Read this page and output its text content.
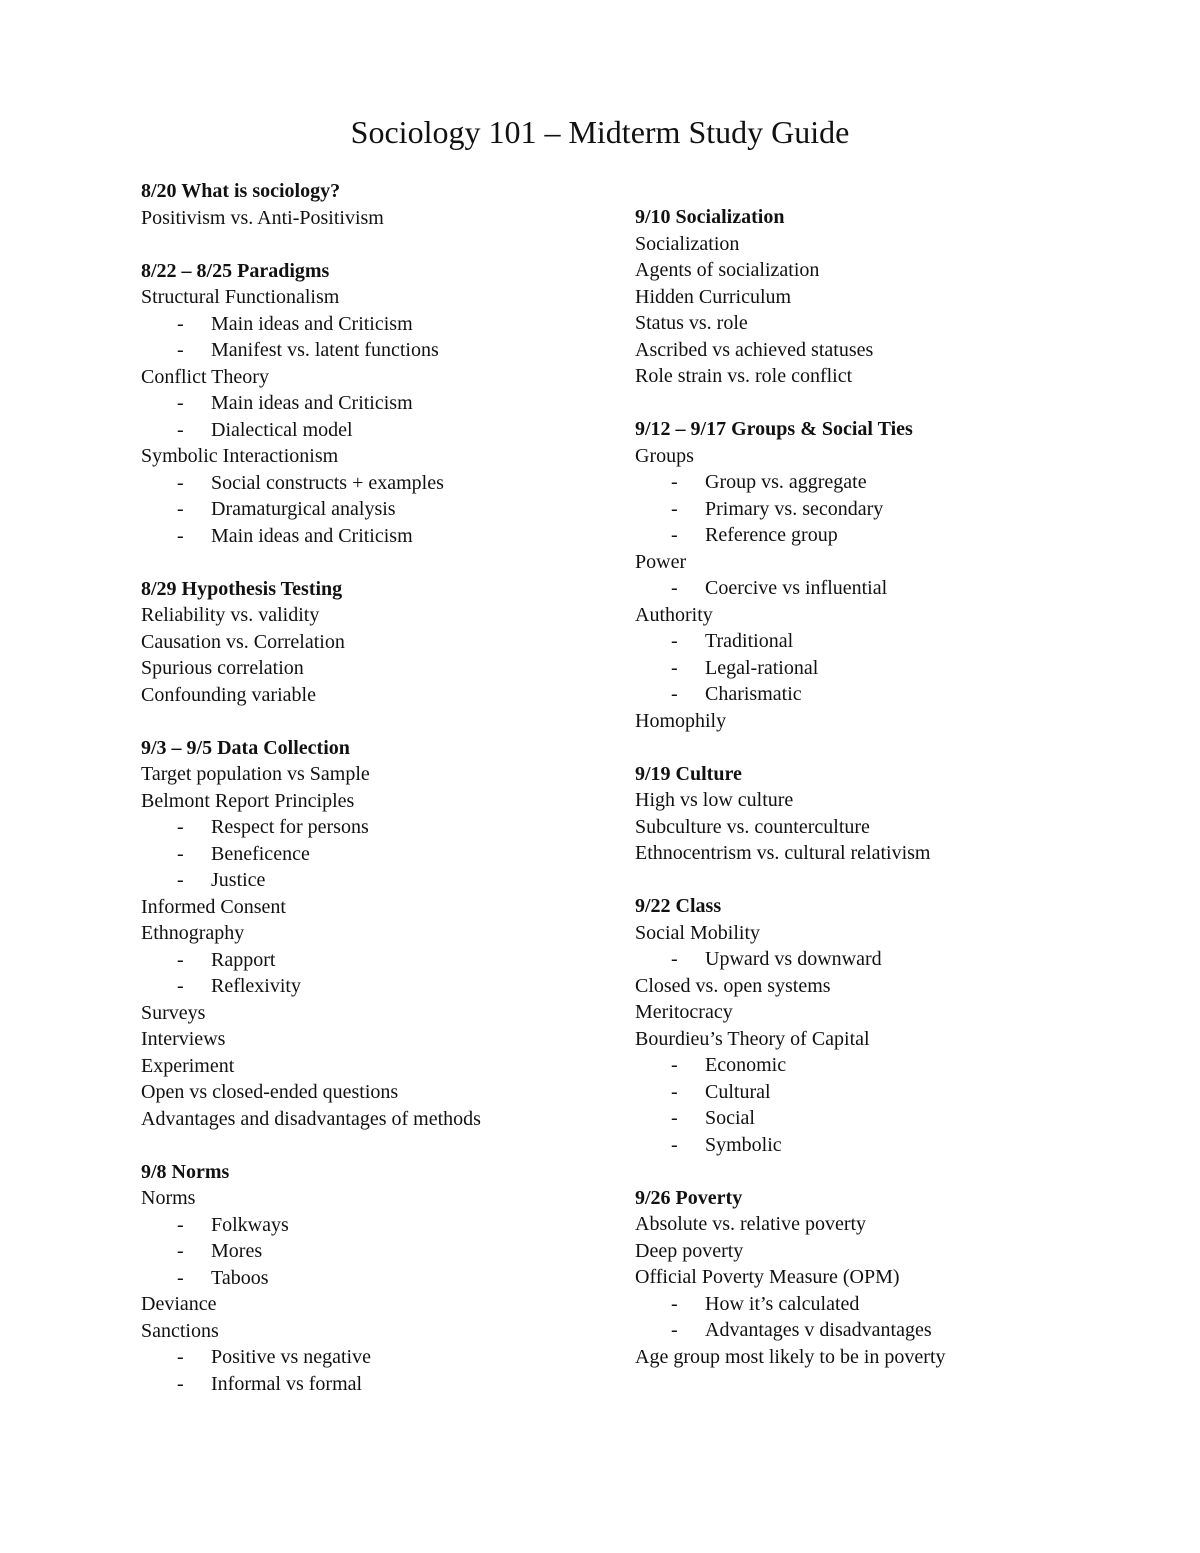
Sociology 101 – Midterm Study Guide
8/20 What is sociology?
Positivism vs. Anti-Positivism
8/22 – 8/25 Paradigms
Structural Functionalism
- Main ideas and Criticism
- Manifest vs. latent functions
Conflict Theory
- Main ideas and Criticism
- Dialectical model
Symbolic Interactionism
- Social constructs + examples
- Dramaturgical analysis
- Main ideas and Criticism
8/29 Hypothesis Testing
Reliability vs. validity
Causation vs. Correlation
Spurious correlation
Confounding variable
9/3 – 9/5 Data Collection
Target population vs Sample
Belmont Report Principles
- Respect for persons
- Beneficence
- Justice
Informed Consent
Ethnography
- Rapport
- Reflexivity
Surveys
Interviews
Experiment
Open vs closed-ended questions
Advantages and disadvantages of methods
9/8 Norms
Norms
- Folkways
- Mores
- Taboos
Deviance
Sanctions
- Positive vs negative
- Informal vs formal
9/10 Socialization
Socialization
Agents of socialization
Hidden Curriculum
Status vs. role
Ascribed vs achieved statuses
Role strain vs. role conflict
9/12 – 9/17 Groups & Social Ties
Groups
- Group vs. aggregate
- Primary vs. secondary
- Reference group
Power
- Coercive vs influential
Authority
- Traditional
- Legal-rational
- Charismatic
Homophily
9/19 Culture
High vs low culture
Subculture vs. counterculture
Ethnocentrism vs. cultural relativism
9/22 Class
Social Mobility
- Upward vs downward
Closed vs. open systems
Meritocracy
Bourdieu’s Theory of Capital
- Economic
- Cultural
- Social
- Symbolic
9/26 Poverty
Absolute vs. relative poverty
Deep poverty
Official Poverty Measure (OPM)
- How it’s calculated
- Advantages v disadvantages
Age group most likely to be in poverty
